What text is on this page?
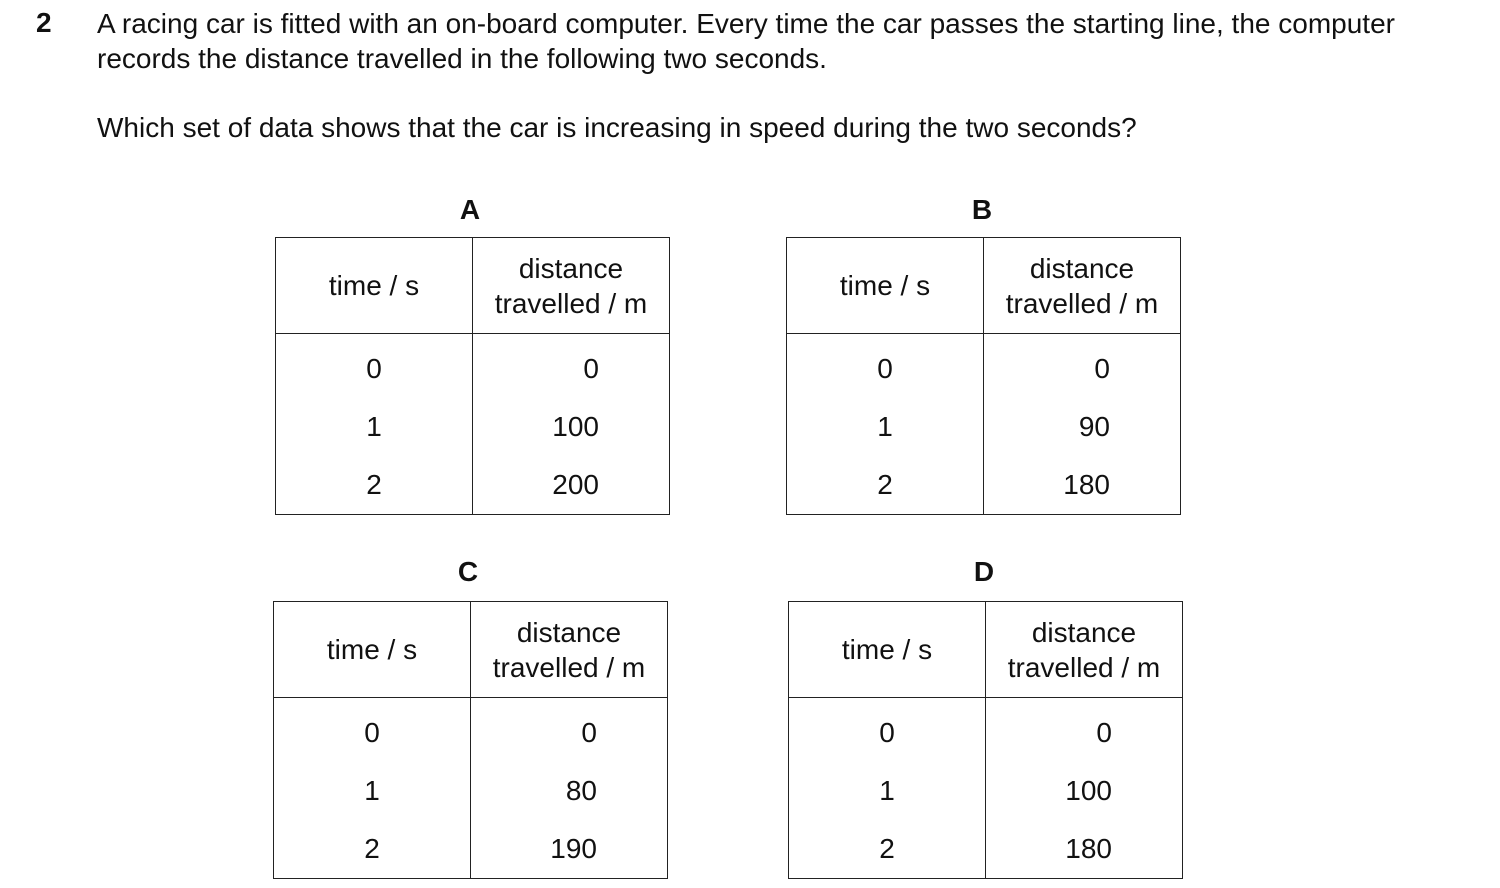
2 A racing car is fitted with an on-board computer. Every time the car passes the starting line, the computer records the distance travelled in the following two seconds.

Which set of data shows that the car is increasing in speed during the two seconds?

A
time / s	distance
travelled / m

0	0
1	100
2	200
B
time / s	distance
travelled / m

0	0
1	90
2	180
C
time / s	distance
travelled / m

0	0
1	80
2	190
D
time / s	distance
travelled / m

0	0
1	100
2	180
